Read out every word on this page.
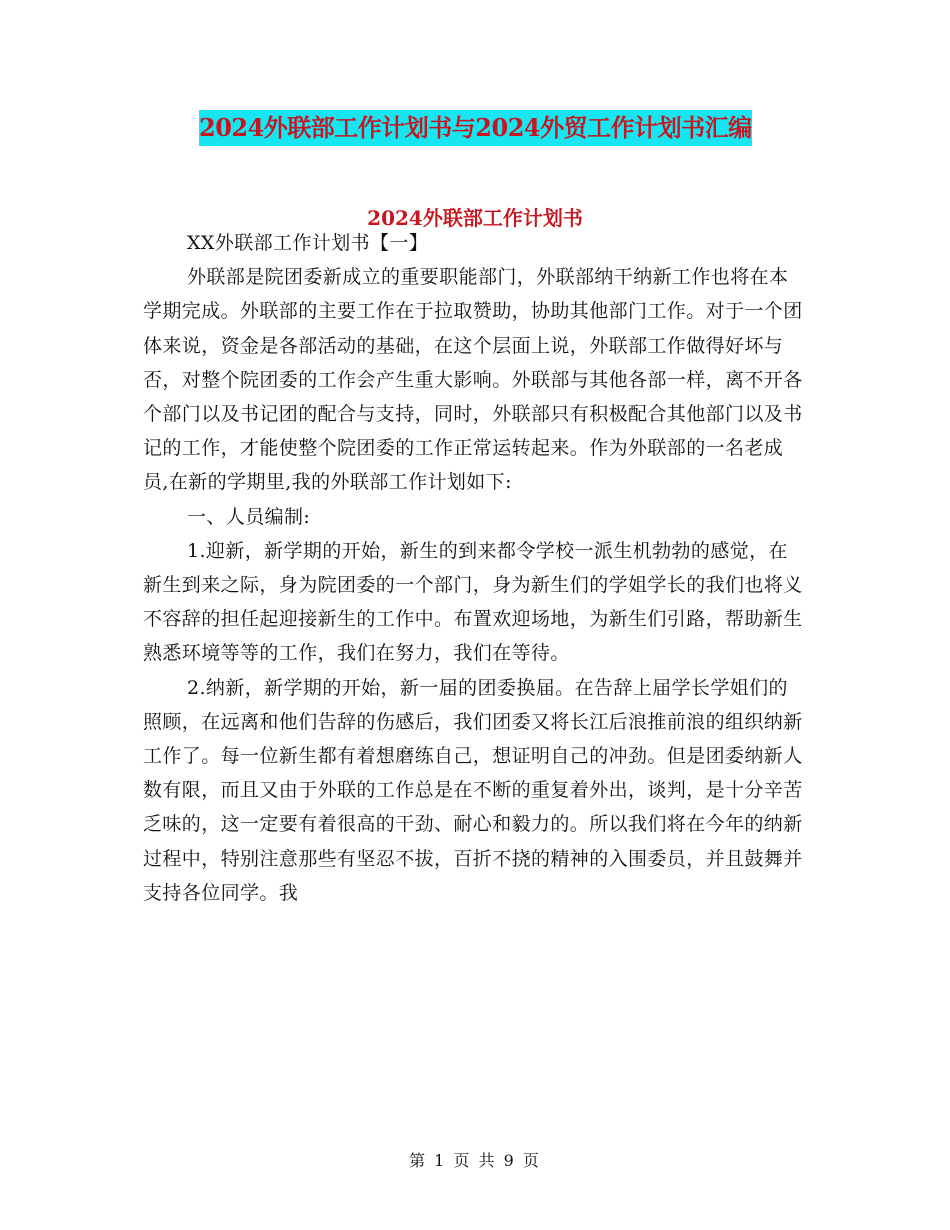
2024外联部工作计划书与2024外贸工作计划书汇编
2024外联部工作计划书

XX外联部工作计划书【一】

外联部是院团委新成立的重要职能部门，外联部纳干纳新工作也将在本学期完成。外联部的主要工作在于拉取赞助，协助其他部门工作。对于一个团体来说，资金是各部活动的基础，在这个层面上说，外联部工作做得好坏与否，对整个院团委的工作会产生重大影响。外联部与其他各部一样，离不开各个部门以及书记团的配合与支持，同时，外联部只有积极配合其他部门以及书记的工作，才能使整个院团委的工作正常运转起来。作为外联部的一名老成员,在新的学期里,我的外联部工作计划如下:

一、人员编制:

1.迎新，新学期的开始，新生的到来都令学校一派生机勃勃的感觉，在新生到来之际，身为院团委的一个部门，身为新生们的学姐学长的我们也将义不容辞的担任起迎接新生的工作中。布置欢迎场地，为新生们引路，帮助新生熟悉环境等等的工作，我们在努力，我们在等待。

2.纳新，新学期的开始，新一届的团委换届。在告辞上届学长学姐们的照顾，在远离和他们告辞的伤感后，我们团委又将长江后浪推前浪的组织纳新工作了。每一位新生都有着想磨练自己，想证明自己的冲劲。但是团委纳新人数有限，而且又由于外联的工作总是在不断的重复着外出，谈判，是十分辛苦乏味的，这一定要有着很高的干劲、耐心和毅力的。所以我们将在今年的纳新过程中，特别注意那些有坚忍不拔，百折不挠的精神的入围委员，并且鼓舞并支持各位同学。我

第 1 页 共 9 页
